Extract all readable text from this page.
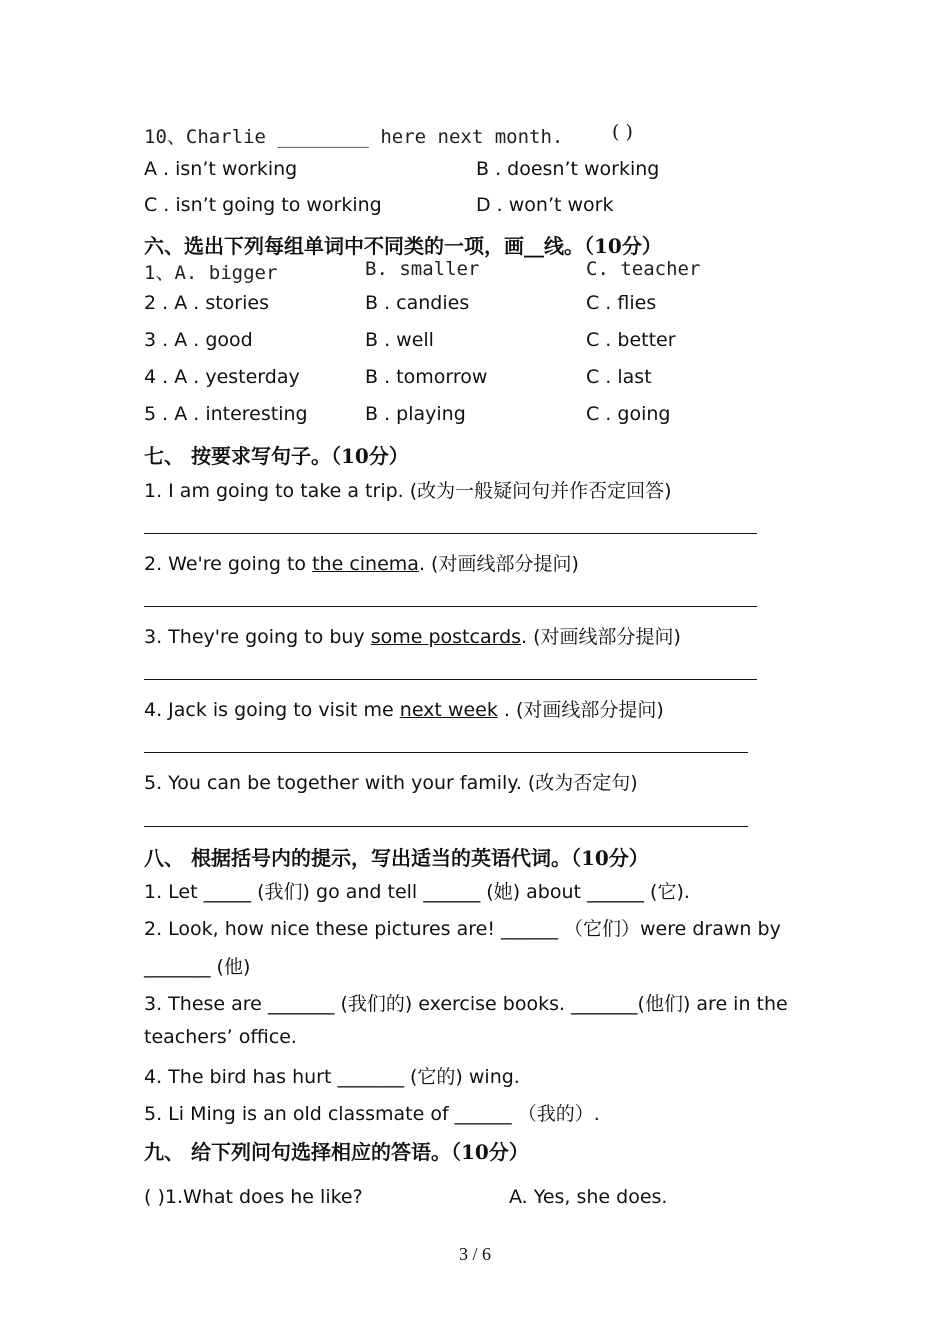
10、Charlie ________ here next month.	( )
A . isn’t working	B . doesn’t working
C . isn’t going to working	D . won’t work
六、选出下列每组单词中不同类的一项，画__线。（10分）
1、A. bigger	B. smaller	C. teacher
2 . A . stories	B . candies	C . flies
3 . A . good	B . well	C . better
4 . A . yesterday	B . tomorrow	C . last
5 . A . interesting	B . playing	C . going
七、 按要求写句子。（10分）
1. I am going to take a trip. (改为一般疑问句并作否定回答)
2. We're going to the cinema. (对画线部分提问)
3. They're going to buy some postcards. (对画线部分提问)
4. Jack is going to visit me next week . (对画线部分提问)
5. You can be together with your family. (改为否定句)
八、 根据括号内的提示，写出适当的英语代词。（10分）
1. Let _____ (我们) go and tell ______ (她) about ______ (它).
2. Look, how nice these pictures are! ______ （它们）were drawn by
_______ (他)
3. These are _______ (我们的) exercise books. _______(他们) are in the
teachers’ office.
4. The bird has hurt _______ (它的) wing.
5. Li Ming is an old classmate of ______ （我的）.
九、 给下列问句选择相应的答语。（10分）
( )1.What does he like?	A. Yes, she does.
3 / 6
